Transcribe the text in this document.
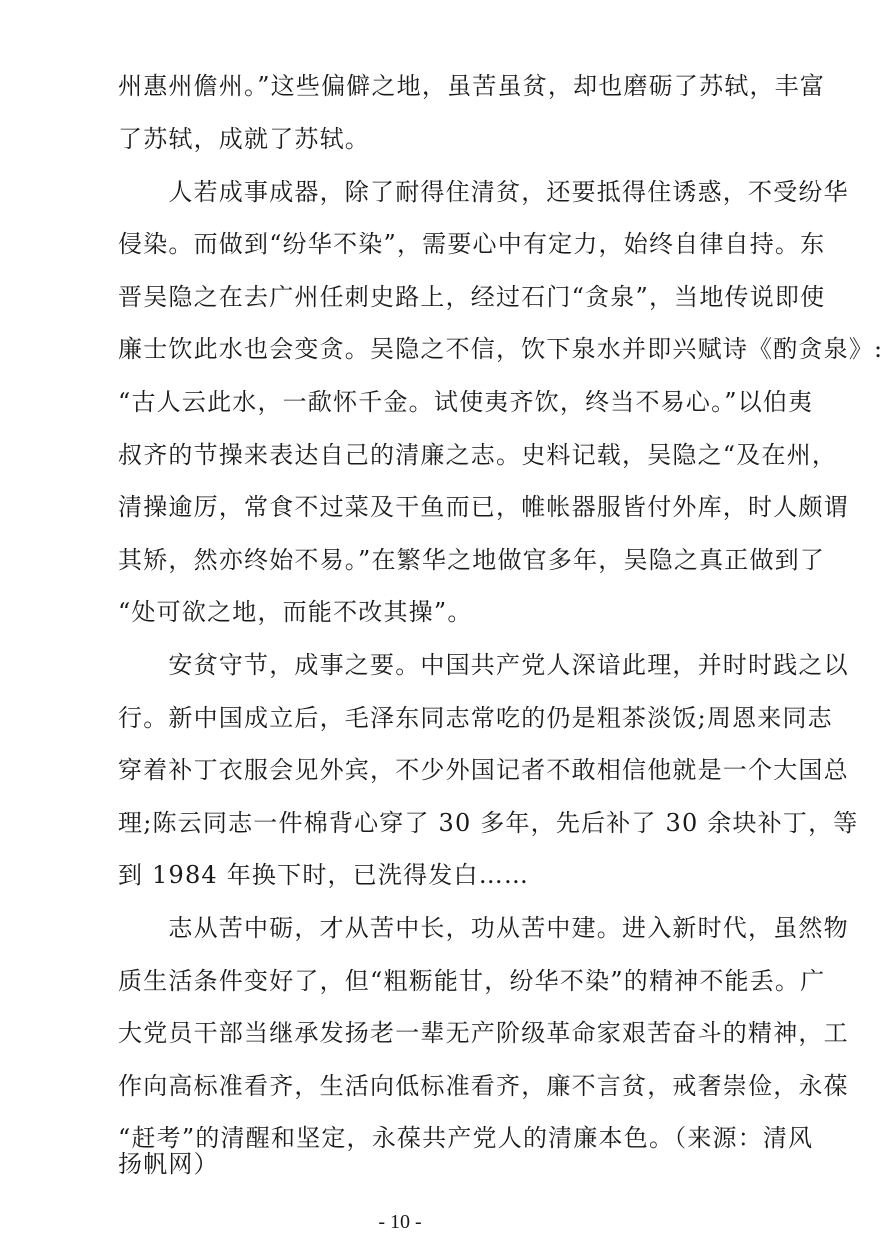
州惠州儋州。”这些偏僻之地，虽苦虽贫，却也磨砺了苏轼，丰富
了苏轼，成就了苏轼。
　　人若成事成器，除了耐得住清贫，还要抵得住诱惑，不受纷华
侵染。而做到“纷华不染”，需要心中有定力，始终自律自持。东
晋吴隐之在去广州任刺史路上，经过石门“贪泉”，当地传说即使
廉士饮此水也会变贪。吴隐之不信，饮下泉水并即兴赋诗《酌贪泉》:
“古人云此水，一歃怀千金。试使夷齐饮，终当不易心。”以伯夷
叔齐的节操来表达自己的清廉之志。史料记载，吴隐之“及在州，
清操逾厉，常食不过菜及干鱼而已，帷帐器服皆付外库，时人颇谓
其矫，然亦终始不易。”在繁华之地做官多年，吴隐之真正做到了
“处可欲之地，而能不改其操”。
　　安贫守节，成事之要。中国共产党人深谙此理，并时时践之以
行。新中国成立后，毛泽东同志常吃的仍是粗茶淡饭;周恩来同志
穿着补丁衣服会见外宾，不少外国记者不敢相信他就是一个大国总
理;陈云同志一件棉背心穿了 30 多年，先后补了 30 余块补丁，等
到 1984 年换下时，已洗得发白……
　　志从苦中砺，才从苦中长，功从苦中建。进入新时代，虽然物
质生活条件变好了，但“粗粝能甘，纷华不染”的精神不能丢。广
大党员干部当继承发扬老一辈无产阶级革命家艰苦奋斗的精神，工
作向高标准看齐，生活向低标准看齐，廉不言贫，戒奢崇俭，永葆
“赶考”的清醒和坚定，永葆共产党人的清廉本色。（来源：清风
扬帆网）
- 10 -
